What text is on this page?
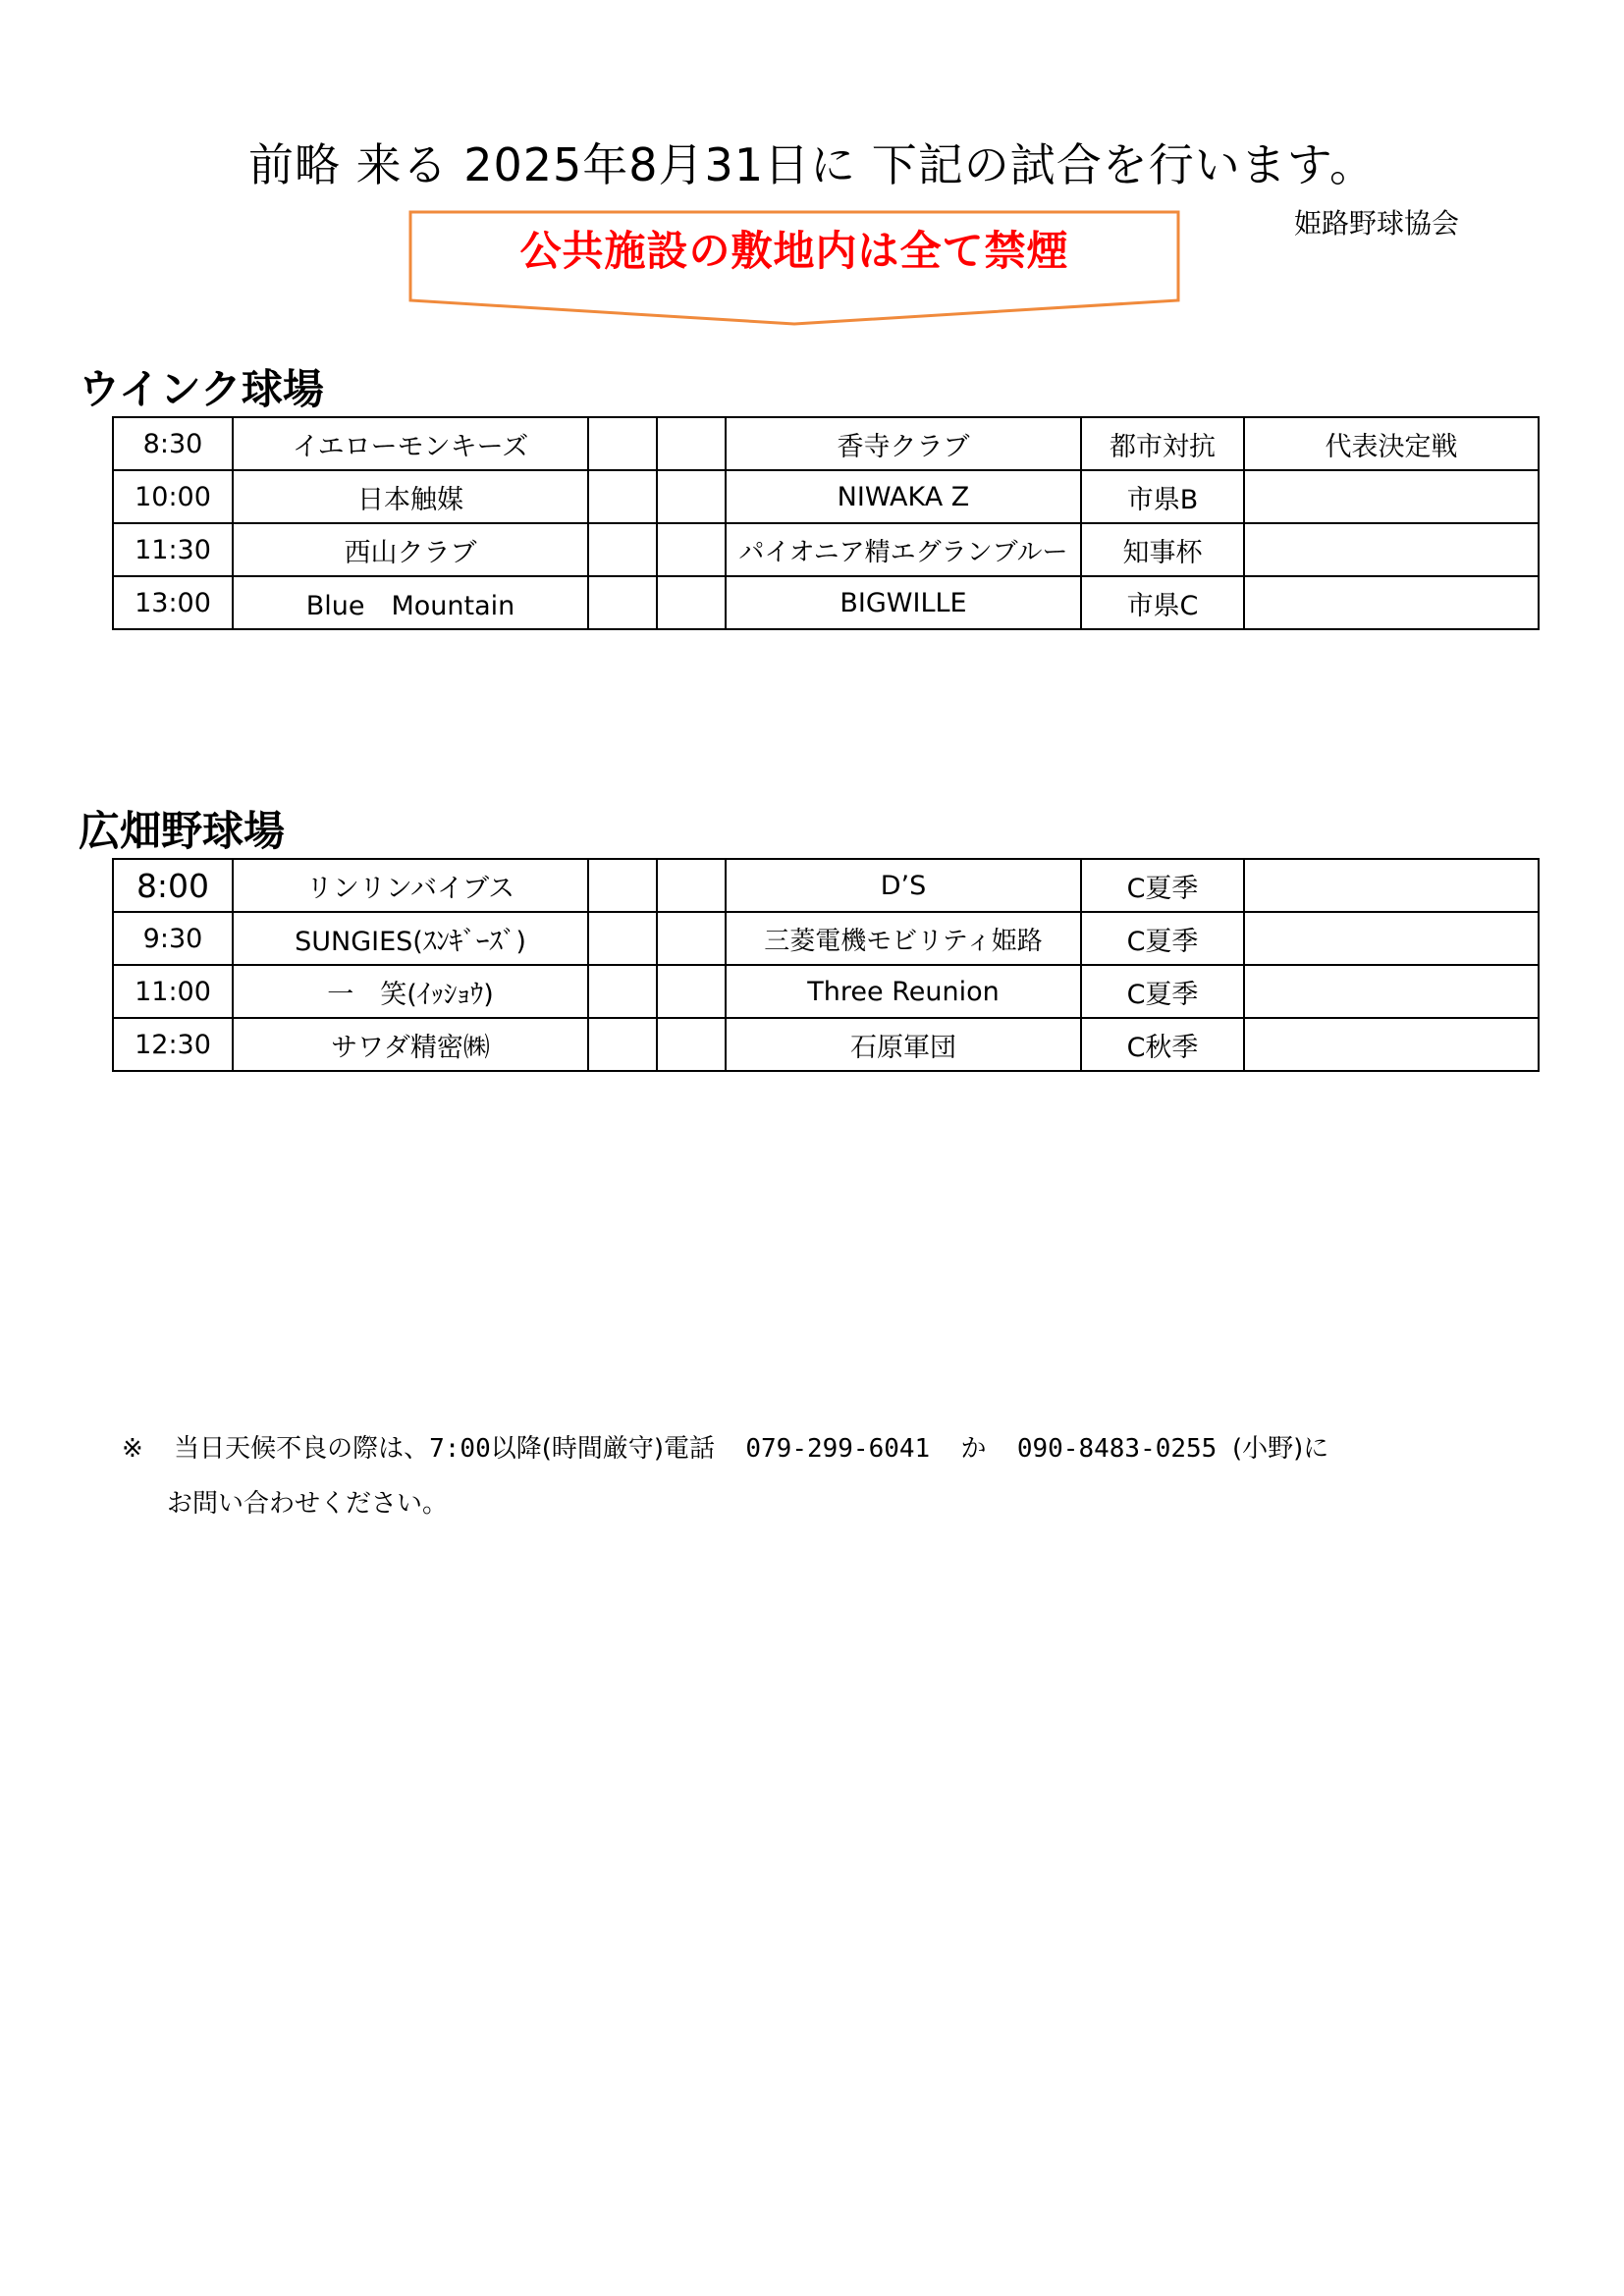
前略 来る 2025年8月31日に 下記の試合を行います。
姫路野球協会
公共施設の敷地内は全て禁煙
ウインク球場
8:30	イエローモンキーズ			香寺クラブ	都市対抗	代表決定戦
10:00	日本触媒			NIWAKA Z	市県B	
11:30	西山クラブ			パイオニア精エグランブルー	知事杯	
13:00	Blue　Mountain			BIGWILLE	市県C	
広畑野球場
8:00	リンリンバイブス			D’S	C夏季	
9:30	SUNGIES(ｽﾝｷﾞｰｽﾞ)			三菱電機モビリティ姫路	C夏季	
11:00	一　笑(ｲｯｼｮｳ)			Three Reunion	C夏季	
12:30	サワダ精密㈱			石原軍団	C秋季	
※ 当日天候不良の際は、7:00以降(時間厳守)電話 079-299-6041 か 090-8483-0255 (小野)に
お問い合わせください。
